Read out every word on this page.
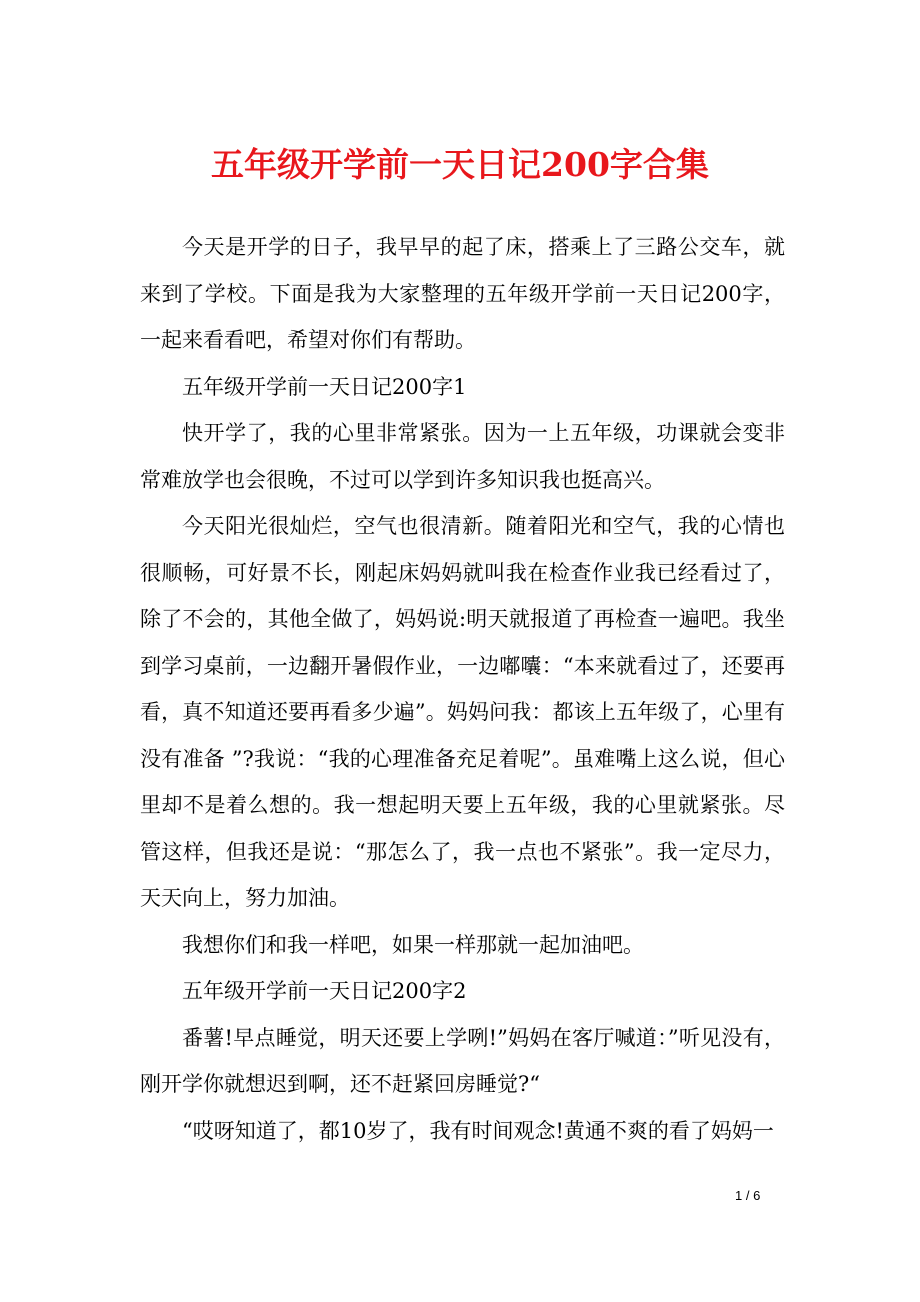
五年级开学前一天日记200字合集

今天是开学的日子，我早早的起了床，搭乘上了三路公交车，就来到了学校。下面是我为大家整理的五年级开学前一天日记200字，一起来看看吧，希望对你们有帮助。

五年级开学前一天日记200字1

快开学了，我的心里非常紧张。因为一上五年级，功课就会变非常难放学也会很晚，不过可以学到许多知识我也挺高兴。

今天阳光很灿烂，空气也很清新。随着阳光和空气，我的心情也很顺畅，可好景不长，刚起床妈妈就叫我在检查作业我已经看过了，除了不会的，其他全做了，妈妈说:明天就报道了再检查一遍吧。我坐到学习桌前，一边翻开暑假作业，一边嘟囔：“本来就看过了，还要再看，真不知道还要再看多少遍”。妈妈问我：都该上五年级了，心里有没有准备 ”?我说：“我的心理准备充足着呢”。虽难嘴上这么说，但心里却不是着么想的。我一想起明天要上五年级，我的心里就紧张。尽管这样，但我还是说：“那怎么了，我一点也不紧张”。我一定尽力，天天向上，努力加油。

我想你们和我一样吧，如果一样那就一起加油吧。

五年级开学前一天日记200字2

番薯!早点睡觉，明天还要上学咧!”妈妈在客厅喊道：”听见没有，刚开学你就想迟到啊，还不赶紧回房睡觉?“

“哎呀知道了，都10岁了，我有时间观念!黄通不爽的看了妈妈一

1 / 6
